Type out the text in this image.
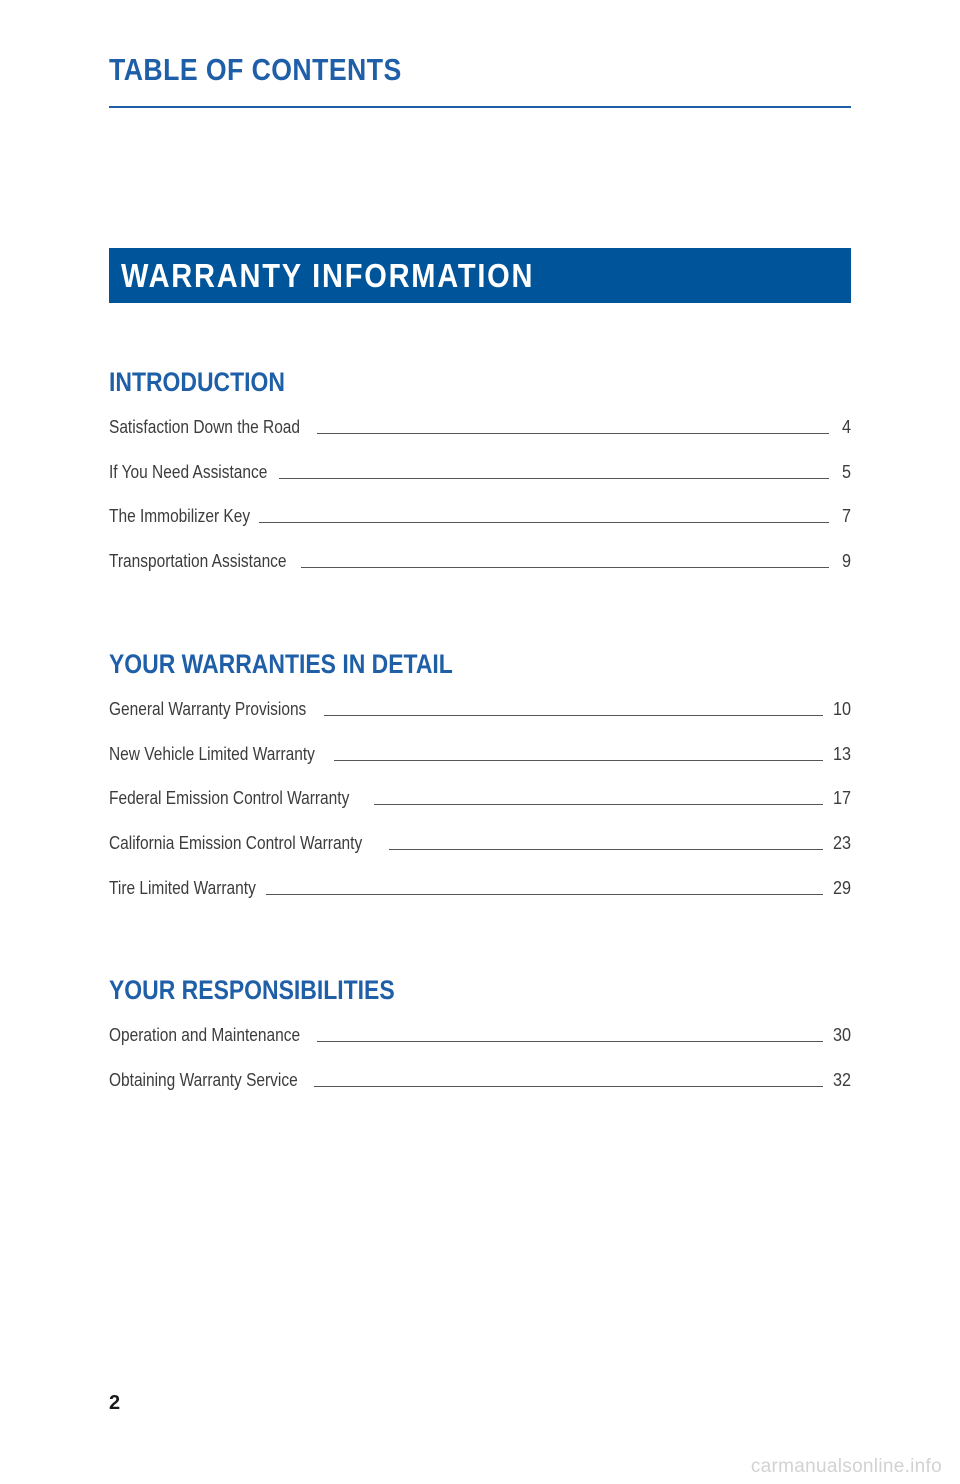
TABLE OF CONTENTS
WARRANTY INFORMATION
INTRODUCTION
Satisfaction Down the Road	4
If You Need Assistance	5
The Immobilizer Key	7
Transportation Assistance	9
YOUR WARRANTIES IN DETAIL
General Warranty Provisions	10
New Vehicle Limited Warranty	13
Federal Emission Control Warranty	17
California Emission Control Warranty	23
Tire Limited Warranty	29
YOUR RESPONSIBILITIES
Operation and Maintenance	30
Obtaining Warranty Service	32
2
carmanualsonline.info
